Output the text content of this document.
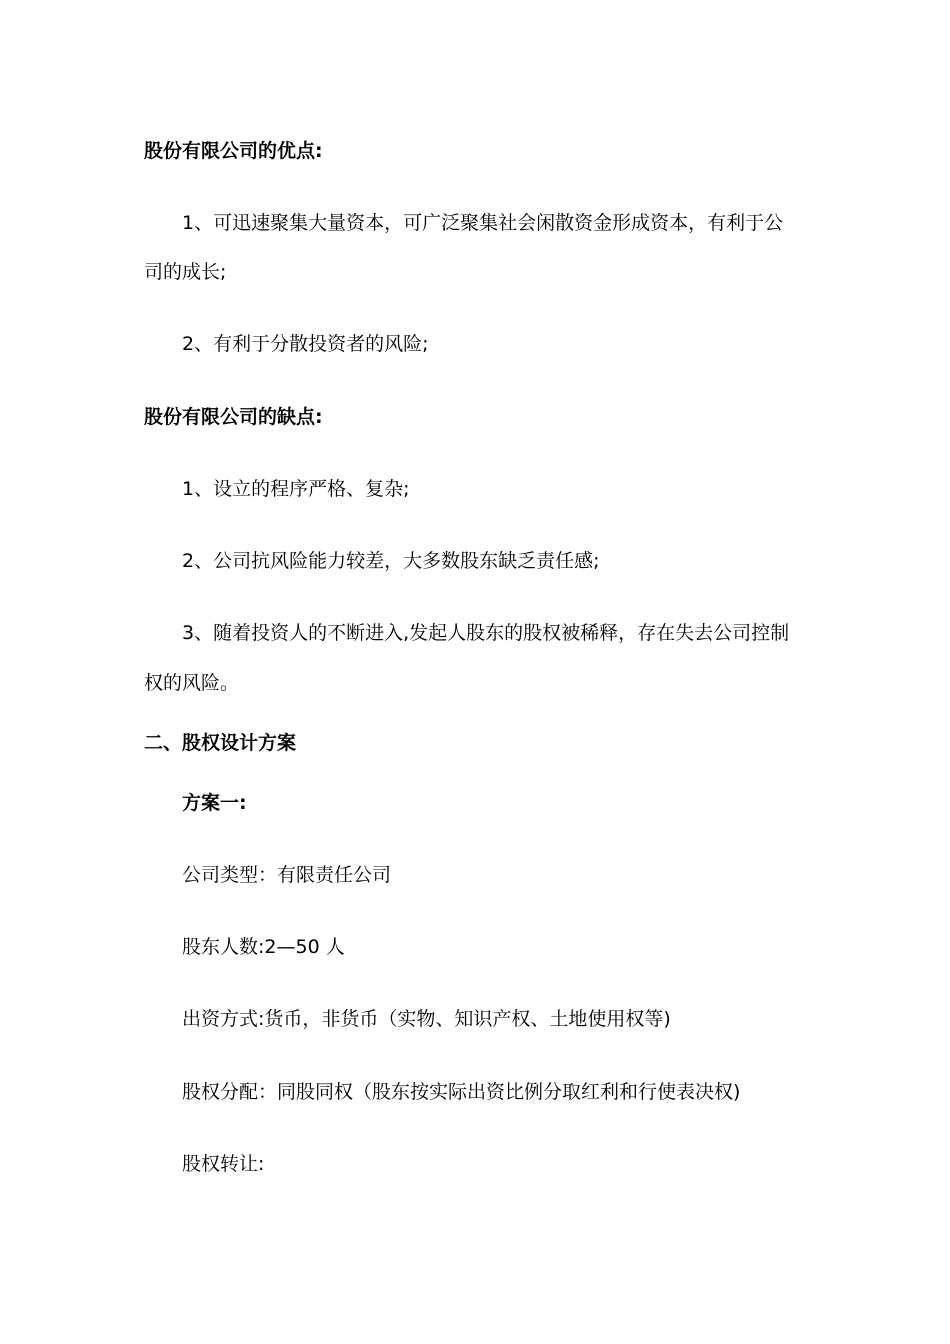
股份有限公司的优点:

1、可迅速聚集大量资本，可广泛聚集社会闲散资金形成资本，有利于公

司的成长;

2、有利于分散投资者的风险;

股份有限公司的缺点:

1、设立的程序严格、复杂;

2、公司抗风险能力较差，大多数股东缺乏责任感;

3、随着投资人的不断进入,发起人股东的股权被稀释，存在失去公司控制

权的风险。

二、股权设计方案

方案一:

公司类型：有限责任公司

股东人数:2—50 人

出资方式:货币，非货币（实物、知识产权、土地使用权等)

股权分配：同股同权（股东按实际出资比例分取红利和行使表决权)

股权转让:
